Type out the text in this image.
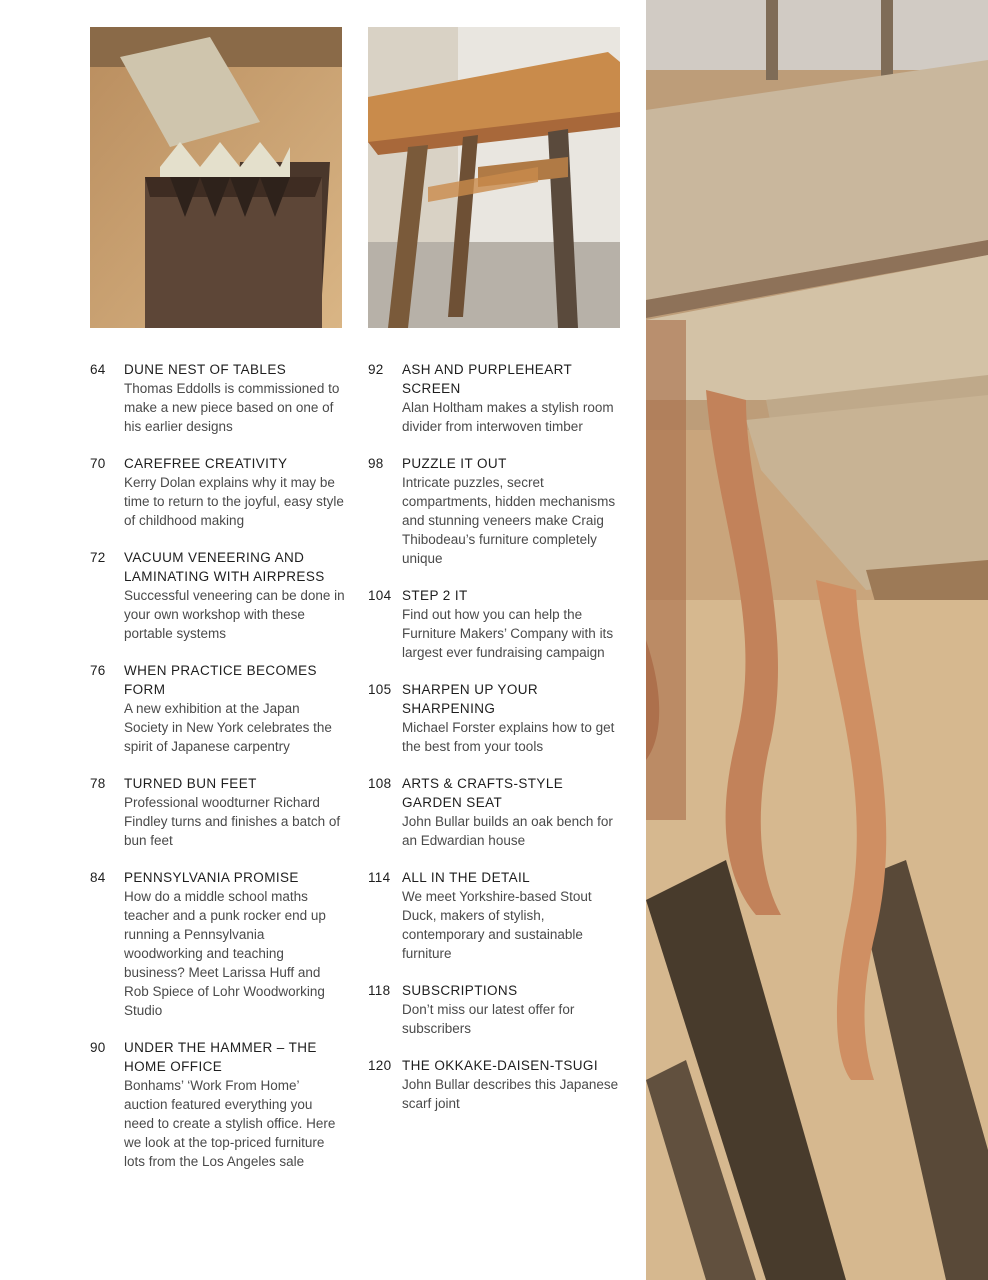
64 DUNE NEST OF TABLES
Thomas Eddolls is commissioned to make a new piece based on one of his earlier designs
70 CAREFREE CREATIVITY
Kerry Dolan explains why it may be time to return to the joyful, easy style of childhood making
72 VACUUM VENEERING AND LAMINATING WITH AIRPRESS
Successful veneering can be done in your own workshop with these portable systems
76 WHEN PRACTICE BECOMES FORM
A new exhibition at the Japan Society in New York celebrates the spirit of Japanese carpentry
78 TURNED BUN FEET
Professional woodturner Richard Findley turns and finishes a batch of bun feet
84 PENNSYLVANIA PROMISE
How do a middle school maths teacher and a punk rocker end up running a Pennsylvania woodworking and teaching business? Meet Larissa Huff and Rob Spiece of Lohr Woodworking Studio
90 UNDER THE HAMMER – THE HOME OFFICE
Bonhams’ ‘Work From Home’ auction featured everything you need to create a stylish office. Here we look at the top-priced furniture lots from the Los Angeles sale
92 ASH AND PURPLEHEART SCREEN
Alan Holtham makes a stylish room divider from interwoven timber
98 PUZZLE IT OUT
Intricate puzzles, secret compartments, hidden mechanisms and stunning veneers make Craig Thibodeau’s furniture completely unique
104 STEP 2 IT
Find out how you can help the Furniture Makers’ Company with its largest ever fundraising campaign
105 SHARPEN UP YOUR SHARPENING
Michael Forster explains how to get the best from your tools
108 ARTS & CRAFTS-STYLE GARDEN SEAT
John Bullar builds an oak bench for an Edwardian house
114 ALL IN THE DETAIL
We meet Yorkshire-based Stout Duck, makers of stylish, contemporary and sustainable furniture
118 SUBSCRIPTIONS
Don’t miss our latest offer for subscribers
120 THE OKKAKE-DAISEN-TSUGI
John Bullar describes this Japanese scarf joint
